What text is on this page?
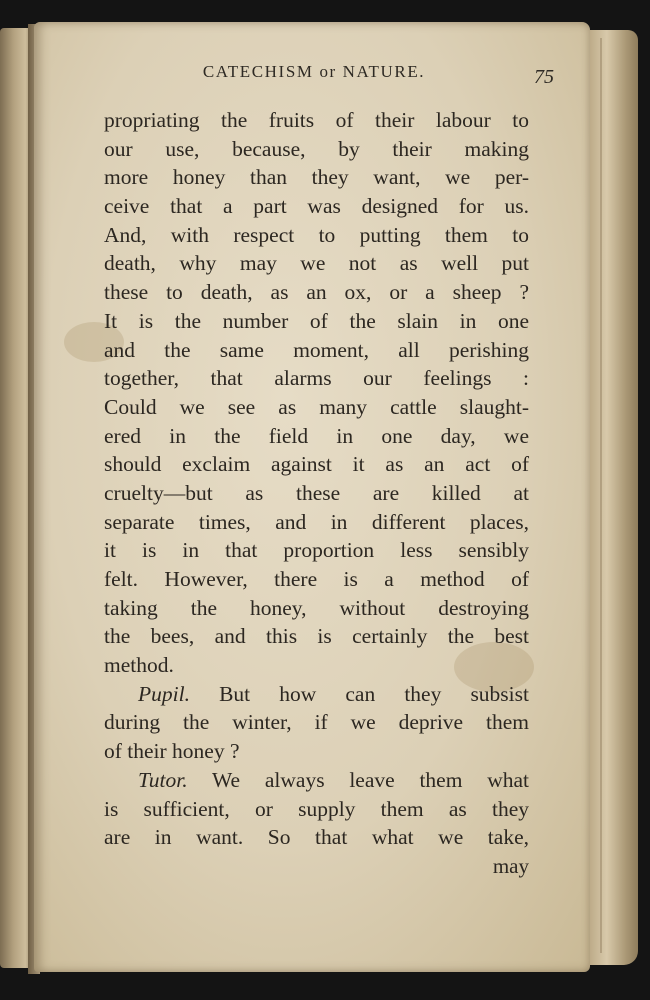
CATECHISM or NATURE.	75
propriating the fruits of their labour to
our use, because, by their making
more honey than they want, we per-
ceive that a part was designed for us.
And, with respect to putting them to
death, why may we not as well put
these to death, as an ox, or a sheep ?
It is the number of the slain in one
and the same moment, all perishing
together, that alarms our feelings :
Could we see as many cattle slaught-
ered in the field in one day, we
should exclaim against it as an act of
cruelty—but as these are killed at
separate times, and in different places,
it is in that proportion less sensibly
felt. However, there is a method of
taking the honey, without destroying
the bees, and this is certainly the best
method.
Pupil. But how can they subsist
during the winter, if we deprive them
of their honey ?
Tutor. We always leave them what
is sufficient, or supply them as they
are in want. So that what we take,
may
